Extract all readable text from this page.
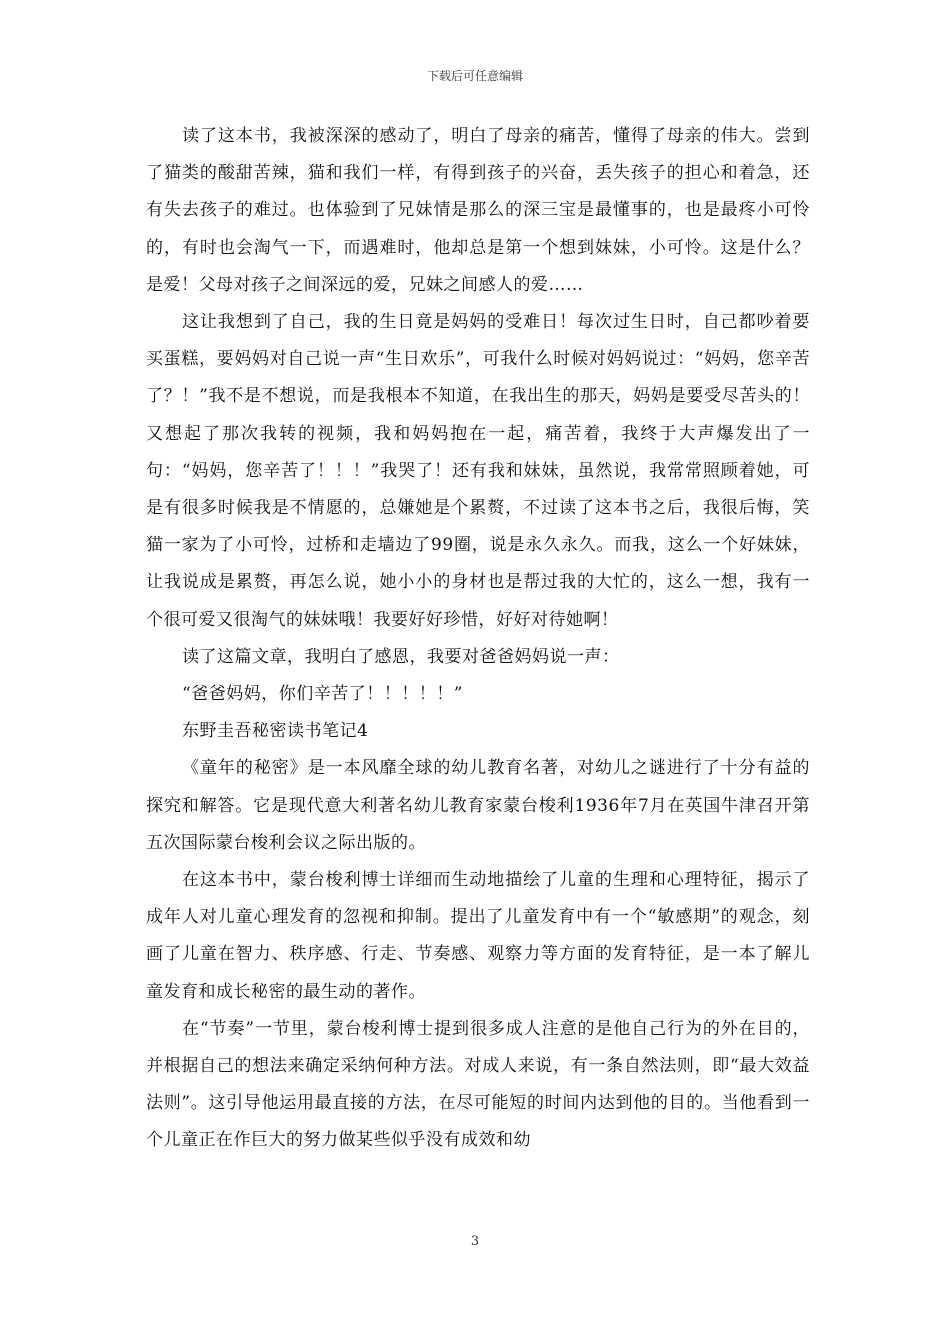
下载后可任意编辑

读了这本书，我被深深的感动了，明白了母亲的痛苦，懂得了母亲的伟大。尝到了猫类的酸甜苦辣，猫和我们一样，有得到孩子的兴奋，丢失孩子的担心和着急，还有失去孩子的难过。也体验到了兄妹情是那么的深三宝是最懂事的，也是最疼小可怜的，有时也会淘气一下，而遇难时，他却总是第一个想到妹妹，小可怜。这是什么？是爱！父母对孩子之间深远的爱，兄妹之间感人的爱……

这让我想到了自己，我的生日竟是妈妈的受难日！每次过生日时，自己都吵着要买蛋糕，要妈妈对自己说一声“生日欢乐”，可我什么时候对妈妈说过：“妈妈，您辛苦了？！”我不是不想说，而是我根本不知道，在我出生的那天，妈妈是要受尽苦头的！又想起了那次我转的视频，我和妈妈抱在一起，痛苦着，我终于大声爆发出了一句：“妈妈，您辛苦了！！！”我哭了！还有我和妹妹，虽然说，我常常照顾着她，可是有很多时候我是不情愿的，总嫌她是个累赘，不过读了这本书之后，我很后悔，笑猫一家为了小可怜，过桥和走墙边了99圈，说是永久永久。而我，这么一个好妹妹，让我说成是累赘，再怎么说，她小小的身材也是帮过我的大忙的，这么一想，我有一个很可爱又很淘气的妹妹哦！我要好好珍惜，好好对待她啊！

读了这篇文章，我明白了感恩，我要对爸爸妈妈说一声：

“爸爸妈妈，你们辛苦了！！！！！”

东野圭吾秘密读书笔记4

《童年的秘密》是一本风靡全球的幼儿教育名著，对幼儿之谜进行了十分有益的探究和解答。它是现代意大利著名幼儿教育家蒙台梭利1936年7月在英国牛津召开第五次国际蒙台梭利会议之际出版的。

在这本书中，蒙台梭利博士详细而生动地描绘了儿童的生理和心理特征，揭示了成年人对儿童心理发育的忽视和抑制。提出了儿童发育中有一个“敏感期”的观念，刻画了儿童在智力、秩序感、行走、节奏感、观察力等方面的发育特征，是一本了解儿童发育和成长秘密的最生动的著作。

在“节奏”一节里，蒙台梭利博士提到很多成人注意的是他自己行为的外在目的，并根据自己的想法来确定采纳何种方法。对成人来说，有一条自然法则，即“最大效益法则”。这引导他运用最直接的方法，在尽可能短的时间内达到他的目的。当他看到一个儿童正在作巨大的努力做某些似乎没有成效和幼

3
